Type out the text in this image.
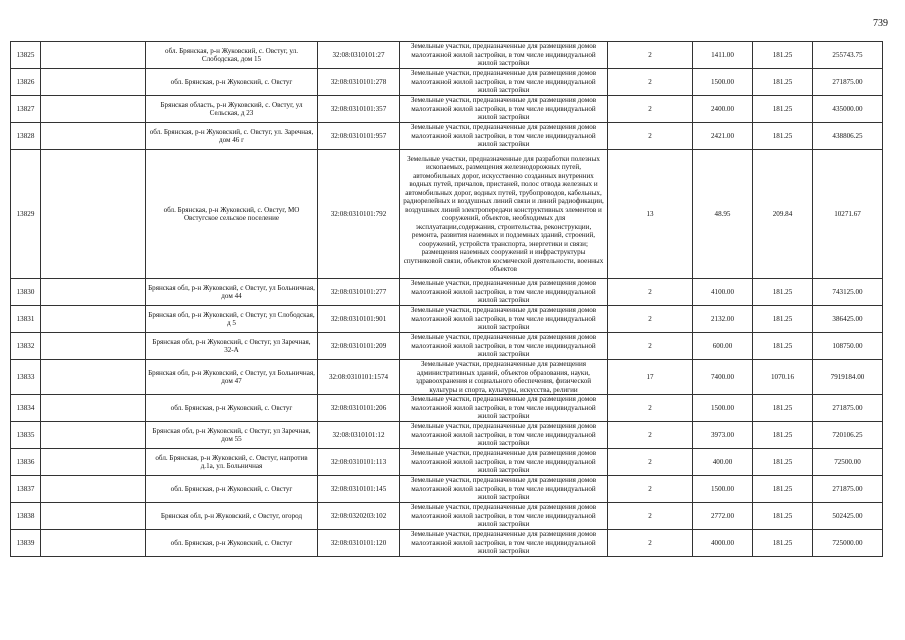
739
13825		обл. Брянская, р-н Жуковский, с. Овстуг, ул. Слободская, дом 15	32:08:0310101:27	Земельные участки, предназначенные для размещения домов малоэтажной жилой застройки, в том числе индивидуальной жилой застройки	2	1411.00	181.25	255743.75
13826		обл. Брянская, р-н Жуковский, с. Овстуг	32:08:0310101:278	Земельные участки, предназначенные для размещения домов малоэтажной жилой застройки, в том числе индивидуальной жилой застройки	2	1500.00	181.25	271875.00
13827		Брянская область, р-н Жуковский, с. Овстуг, ул Сельская, д 23	32:08:0310101:357	Земельные участки, предназначенные для размещения домов малоэтажной жилой застройки, в том числе индивидуальной жилой застройки	2	2400.00	181.25	435000.00
13828		обл. Брянская, р-н Жуковский, с. Овстуг, ул. Заречная, дом 46 г	32:08:0310101:957	Земельные участки, предназначенные для размещения домов малоэтажной жилой застройки, в том числе индивидуальной жилой застройки	2	2421.00	181.25	438806.25
13829		обл. Брянская, р-н Жуковский, с. Овстуг, МО Овстугское сельское поселение	32:08:0310101:792	Земельные участки, предназначенные для разработки полезных ископаемых, размещения железнодорожных путей, автомобильных дорог, искусственно созданных внутренних водных путей, причалов, пристаней, полос отвода железных и автомобильных дорог, водных путей, трубопроводов, кабельных, радиорелейных и воздушных линий связи и линий радиофикации, воздушных линий электропередачи конструктивных элементов и сооружений, объектов, необходимых для эксплуатации,содержания, строительства, реконструкции, ремонта, развития наземных и подземных зданий, строений, сооружений, устройств транспорта, энергетики и связи; размещения наземных сооружений и инфраструктуры спутниковой связи, объектов космической деятельности, военных объектов	13	48.95	209.84	10271.67
13830		Брянская обл, р-н Жуковский, с Овстуг, ул Больничная, дом 44	32:08:0310101:277	Земельные участки, предназначенные для размещения домов малоэтажной жилой застройки, в том числе индивидуальной жилой застройки	2	4100.00	181.25	743125.00
13831		Брянская обл, р-н Жуковский, с Овстуг, ул Слободская, д 5	32:08:0310101:901	Земельные участки, предназначенные для размещения домов малоэтажной жилой застройки, в том числе индивидуальной жилой застройки	2	2132.00	181.25	386425.00
13832		Брянская обл, р-н Жуковский, с Овстуг, ул Заречная, 32-А	32:08:0310101:209	Земельные участки, предназначенные для размещения домов малоэтажной жилой застройки, в том числе индивидуальной жилой застройки	2	600.00	181.25	108750.00
13833		Брянская обл, р-н Жуковский, с Овстуг, ул Больничная, дом 47	32:08:0310101:1574	Земельные участки, предназначенные для размещения административных зданий, объектов образования, науки, здравоохранения и социального обеспечения, физической культуры и спорта, культуры, искусства, религии	17	7400.00	1070.16	7919184.00
13834		обл. Брянская, р-н Жуковский, с. Овстуг	32:08:0310101:206	Земельные участки, предназначенные для размещения домов малоэтажной жилой застройки, в том числе индивидуальной жилой застройки	2	1500.00	181.25	271875.00
13835		Брянская обл, р-н Жуковский, с Овстуг, ул Заречная, дом 55	32:08:0310101:12	Земельные участки, предназначенные для размещения домов малоэтажной жилой застройки, в том числе индивидуальной жилой застройки	2	3973.00	181.25	720106.25
13836		обл. Брянская, р-н Жуковский, с. Овстуг, напротив д.1а, ул. Больничная	32:08:0310101:113	Земельные участки, предназначенные для размещения домов малоэтажной жилой застройки, в том числе индивидуальной жилой застройки	2	400.00	181.25	72500.00
13837		обл. Брянская, р-н Жуковский, с. Овстуг	32:08:0310101:145	Земельные участки, предназначенные для размещения домов малоэтажной жилой застройки, в том числе индивидуальной жилой застройки	2	1500.00	181.25	271875.00
13838		Брянская обл, р-н Жуковский, с Овстуг, огород	32:08:0320203:102	Земельные участки, предназначенные для размещения домов малоэтажной жилой застройки, в том числе индивидуальной жилой застройки	2	2772.00	181.25	502425.00
13839		обл. Брянская, р-н Жуковский, с. Овстуг	32:08:0310101:120	Земельные участки, предназначенные для размещения домов малоэтажной жилой застройки, в том числе индивидуальной жилой застройки	2	4000.00	181.25	725000.00
